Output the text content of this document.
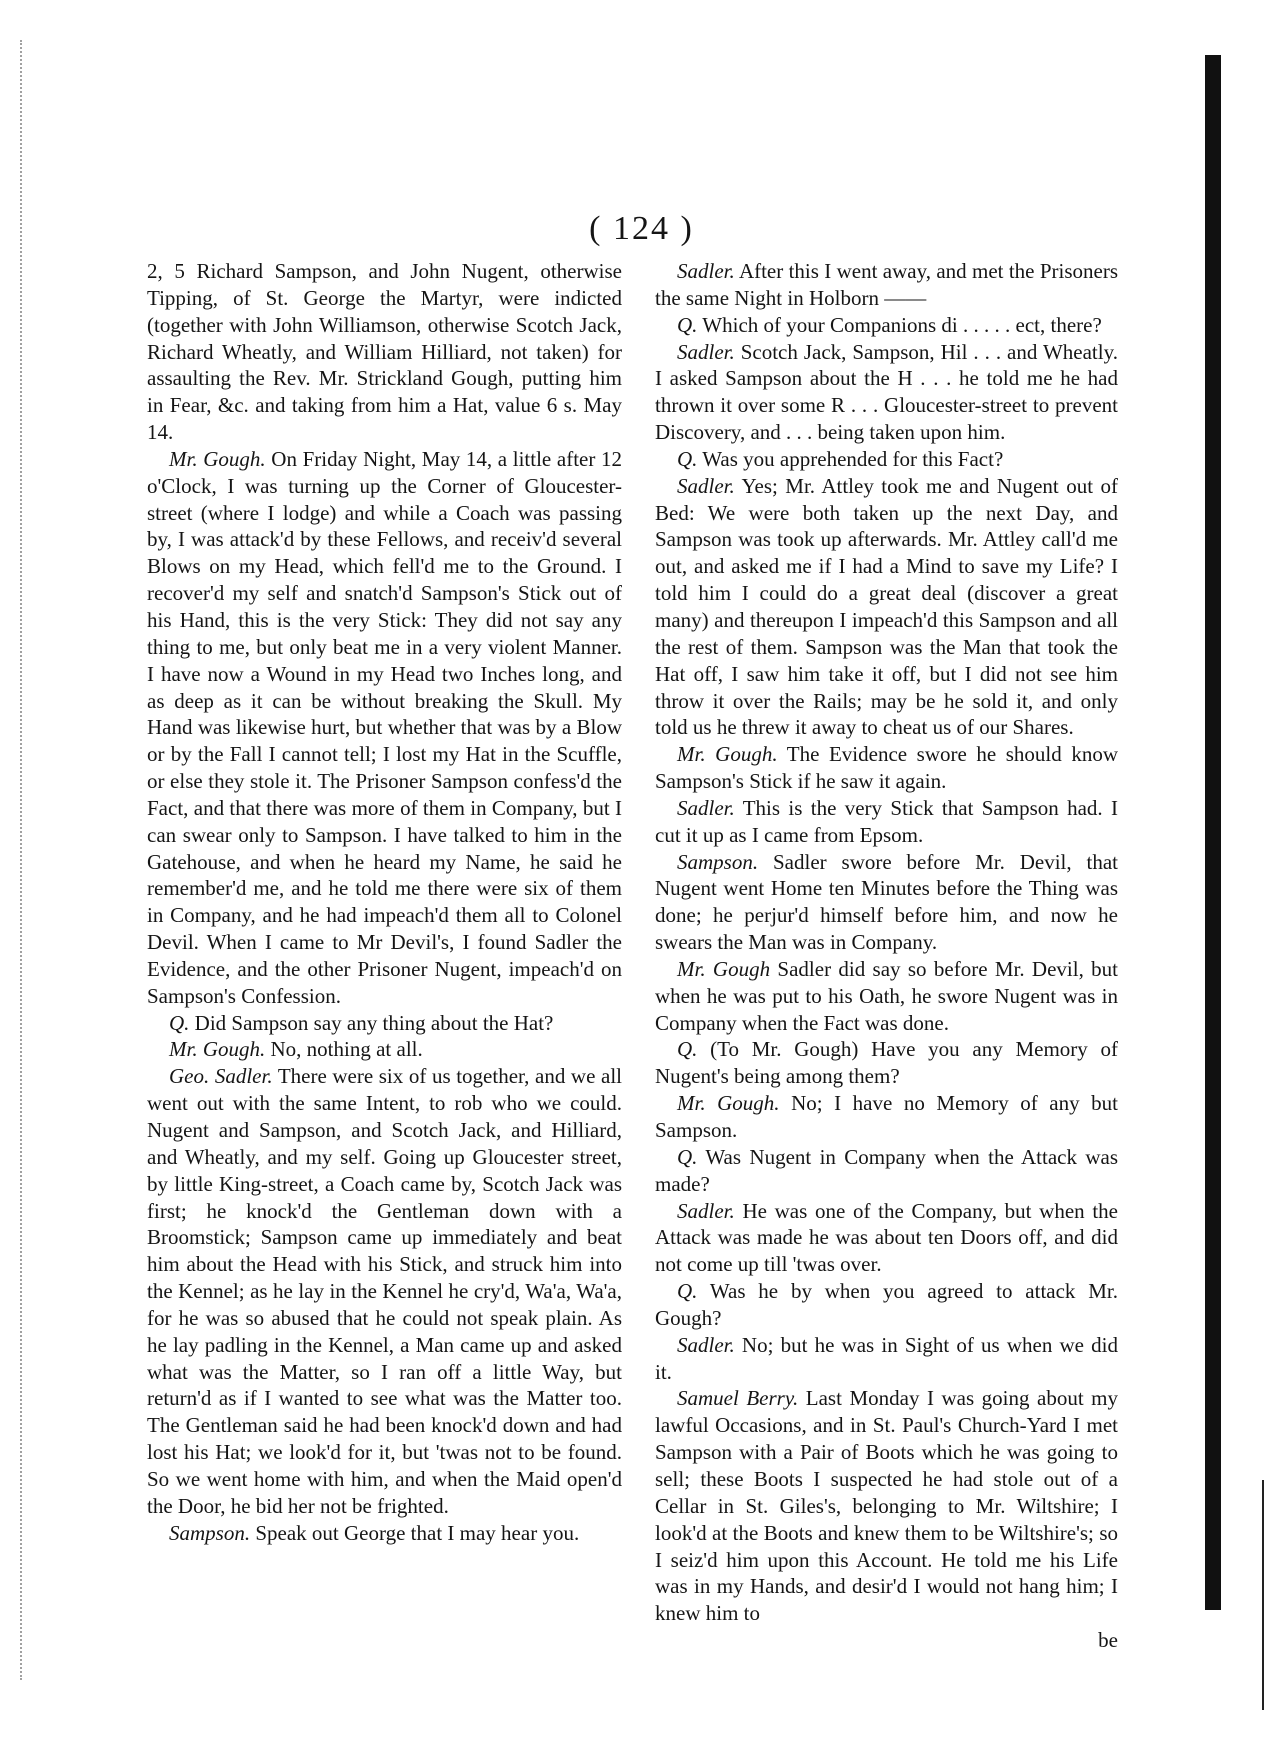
( 124 )

2, 5 Richard Sampson, and John Nugent, otherwise Tipping, of St. George the Martyr, were indicted (together with John Williamson, otherwise Scotch Jack, Richard Wheatly, and William Hilliard, not taken) for assaulting the Rev. Mr. Strickland Gough, putting him in Fear, &c. and taking from him a Hat, value 6 s. May 14.

Mr. Gough. On Friday Night, May 14, a little after 12 o'Clock, I was turning up the Corner of Gloucester-street (where I lodge) and while a Coach was passing by, I was attack'd by these Fellows, and receiv'd several Blows on my Head, which fell'd me to the Ground. I recover'd my self and snatch'd Sampson's Stick out of his Hand, this is the very Stick: They did not say any thing to me, but only beat me in a very violent Manner. I have now a Wound in my Head two Inches long, and as deep as it can be without breaking the Skull. My Hand was likewise hurt, but whether that was by a Blow or by the Fall I cannot tell; I lost my Hat in the Scuffle, or else they stole it. The Prisoner Sampson confess'd the Fact, and that there was more of them in Company, but I can swear only to Sampson. I have talked to him in the Gatehouse, and when he heard my Name, he said he remember'd me, and he told me there were six of them in Company, and he had impeach'd them all to Colonel Devil. When I came to Mr Devil's, I found Sadler the Evidence, and the other Prisoner Nugent, impeach'd on Sampson's Confession.

Q. Did Sampson say any thing about the Hat?

Mr. Gough. No, nothing at all.

Geo. Sadler. There were six of us together, and we all went out with the same Intent, to rob who we could. Nugent and Sampson, and Scotch Jack, and Hilliard, and Wheatly, and my self. Going up Gloucester street, by little King-street, a Coach came by, Scotch Jack was first; he knock'd the Gentleman down with a Broomstick; Sampson came up immediately and beat him about the Head with his Stick, and struck him into the Kennel; as he lay in the Kennel he cry'd, Wa'a, Wa'a, for he was so abused that he could not speak plain. As he lay padling in the Kennel, a Man came up and asked what was the Matter, so I ran off a little Way, but return'd as if I wanted to see what was the Matter too. The Gentleman said he had been knock'd down and had lost his Hat; we look'd for it, but 'twas not to be found. So we went home with him, and when the Maid open'd the Door, he bid her not be frighted.

Sampson. Speak out George that I may hear you.

Sadler. After this I went away, and met the Prisoners the same Night in Holborn ——

Q. Which of your Companions di . . . . . ect, there?

Sadler. Scotch Jack, Sampson, Hil . . . and Wheatly. I asked Sampson about the H . . . he told me he had thrown it over some R . . . Gloucester-street to prevent Discovery, and . . . being taken upon him.

Q. Was you apprehended for this Fact?

Sadler. Yes; Mr. Attley took me and Nugent out of Bed: We were both taken up the next Day, and Sampson was took up afterwards. Mr. Attley call'd me out, and asked me if I had a Mind to save my Life? I told him I could do a great deal (discover a great many) and thereupon I impeach'd this Sampson and all the rest of them. Sampson was the Man that took the Hat off, I saw him take it off, but I did not see him throw it over the Rails; may be he sold it, and only told us he threw it away to cheat us of our Shares.

Mr. Gough. The Evidence swore he should know Sampson's Stick if he saw it again.

Sadler. This is the very Stick that Sampson had. I cut it up as I came from Epsom.

Sampson. Sadler swore before Mr. Devil, that Nugent went Home ten Minutes before the Thing was done; he perjur'd himself before him, and now he swears the Man was in Company.

Mr. Gough Sadler did say so before Mr. Devil, but when he was put to his Oath, he swore Nugent was in Company when the Fact was done.

Q. (To Mr. Gough) Have you any Memory of Nugent's being among them?

Mr. Gough. No; I have no Memory of any but Sampson.

Q. Was Nugent in Company when the Attack was made?

Sadler. He was one of the Company, but when the Attack was made he was about ten Doors off, and did not come up till 'twas over.

Q. Was he by when you agreed to attack Mr. Gough?

Sadler. No; but he was in Sight of us when we did it.

Samuel Berry. Last Monday I was going about my lawful Occasions, and in St. Paul's Church-Yard I met Sampson with a Pair of Boots which he was going to sell; these Boots I suspected he had stole out of a Cellar in St. Giles's, belonging to Mr. Wiltshire; I look'd at the Boots and knew them to be Wiltshire's; so I seiz'd him upon this Account. He told me his Life was in my Hands, and desir'd I would not hang him; I knew him to

be
